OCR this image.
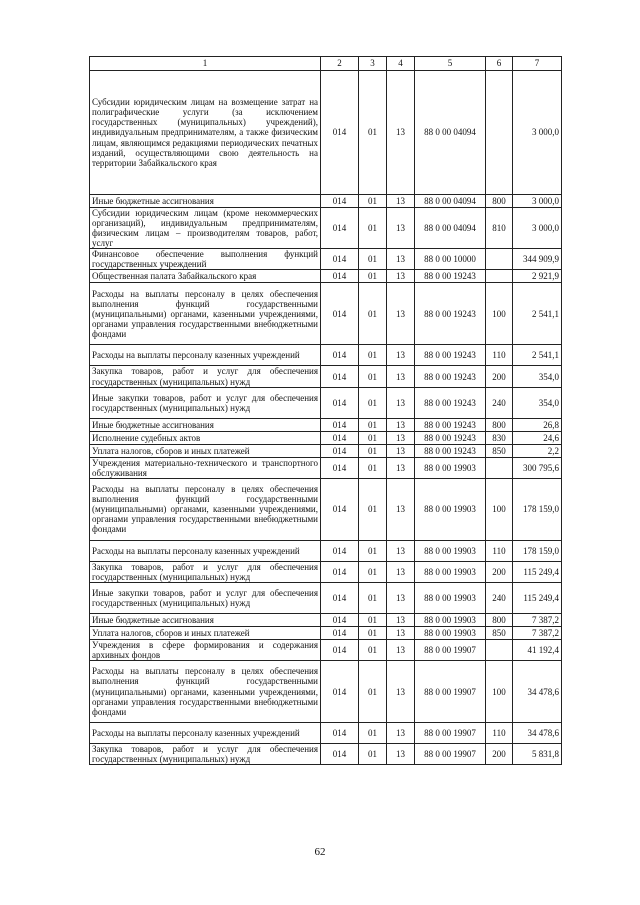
1	2	3	4	5	6	7
Субсидии юридическим лицам на возмещение затрат на полиграфические услуги (за исключением государственных (муниципальных) учреждений), индивидуальным предпринимателям, а также физическим лицам, являющимся редакциями периодических печатных изданий, осуществляющими свою деятельность на территории Забайкальского края	014	01	13	88 0 00 04094		3 000,0
Иные бюджетные ассигнования	014	01	13	88 0 00 04094	800	3 000,0
Субсидии юридическим лицам (кроме некоммерческих организаций), индивидуальным предпринимателям, физическим лицам – производителям товаров, работ, услуг	014	01	13	88 0 00 04094	810	3 000,0
Финансовое обеспечение выполнения функций государственных учреждений	014	01	13	88 0 00 10000		344 909,9
Общественная палата Забайкальского края	014	01	13	88 0 00 19243		2 921,9
Расходы на выплаты персоналу в целях обеспечения выполнения функций государственными (муниципальными) органами, казенными учреждениями, органами управления государственными внебюджетными фондами	014	01	13	88 0 00 19243	100	2 541,1
Расходы на выплаты персоналу казенных учреждений	014	01	13	88 0 00 19243	110	2 541,1
Закупка товаров, работ и услуг для обеспечения государственных (муниципальных) нужд	014	01	13	88 0 00 19243	200	354,0
Иные закупки товаров, работ и услуг для обеспечения государственных (муниципальных) нужд	014	01	13	88 0 00 19243	240	354,0
Иные бюджетные ассигнования	014	01	13	88 0 00 19243	800	26,8
Исполнение судебных актов	014	01	13	88 0 00 19243	830	24,6
Уплата налогов, сборов и иных платежей	014	01	13	88 0 00 19243	850	2,2
Учреждения материально-технического и транспортного обслуживания	014	01	13	88 0 00 19903		300 795,6
Расходы на выплаты персоналу в целях обеспечения выполнения функций государственными (муниципальными) органами, казенными учреждениями, органами управления государственными внебюджетными фондами	014	01	13	88 0 00 19903	100	178 159,0
Расходы на выплаты персоналу казенных учреждений	014	01	13	88 0 00 19903	110	178 159,0
Закупка товаров, работ и услуг для обеспечения государственных (муниципальных) нужд	014	01	13	88 0 00 19903	200	115 249,4
Иные закупки товаров, работ и услуг для обеспечения государственных (муниципальных) нужд	014	01	13	88 0 00 19903	240	115 249,4
Иные бюджетные ассигнования	014	01	13	88 0 00 19903	800	7 387,2
Уплата налогов, сборов и иных платежей	014	01	13	88 0 00 19903	850	7 387,2
Учреждения в сфере формирования и содержания архивных фондов	014	01	13	88 0 00 19907		41 192,4
Расходы на выплаты персоналу в целях обеспечения выполнения функций государственными (муниципальными) органами, казенными учреждениями, органами управления государственными внебюджетными фондами	014	01	13	88 0 00 19907	100	34 478,6
Расходы на выплаты персоналу казенных учреждений	014	01	13	88 0 00 19907	110	34 478,6
Закупка товаров, работ и услуг для обеспечения государственных (муниципальных) нужд	014	01	13	88 0 00 19907	200	5 831,8
62
